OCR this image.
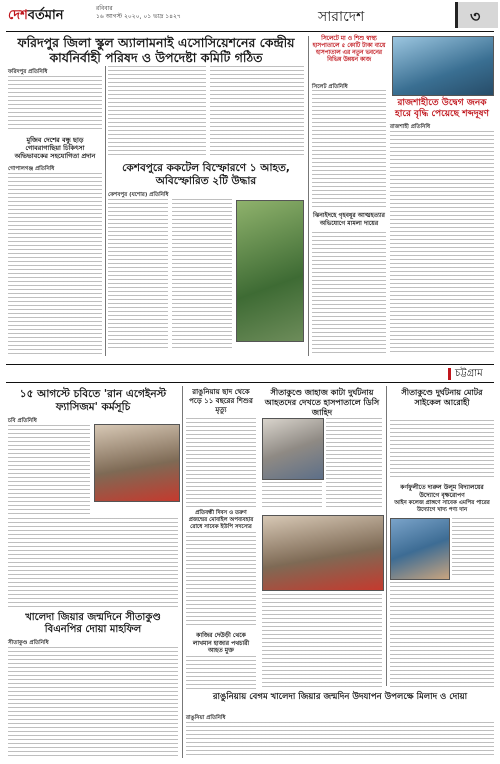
দেশবর্তমান	রবিবার
১৬ আগস্ট ২০২০, ০১ ভাদ্র ১৪২৭	সারাদেশ	৩
ফরিদপুর জিলা স্কুল অ্যালামনাই এসোসিয়েশনের কেন্দ্রীয় কার্যনির্বাহী পরিষদ ও উপদেষ্টা কমিটি গঠিত
ফরিদপুর প্রতিনিধি
মুজিব দেশের বন্ধু ছাড় গোবরাগাছিয়া চিকিৎসা অভিভাবকের সহযোগিতা প্রদান
গোপালগঞ্জ প্রতিনিধি	কেশবপুরে ককটেল বিস্ফোরণে ১ আহত, অবিস্ফোরিত ২টি উদ্ধার
কেশবপুর (যশোর) প্রতিনিধি
সিলেটে মা ও শিশু স্বাস্থ্য হাসপাতালে ৫ কোটি টাকা ব্যয়ে হাসপাতাল এর নতুন ভবনের বিভিন্ন উন্নয়ন কাজ
সিলেট প্রতিনিধি
ঝিনাইদহে গৃহবধূর আত্মহত্যার অভিযোগে মামলা দায়ের
রাজশাহীতে উদ্বেগ জনক হারে বৃদ্ধি পেয়েছে শব্দদূষণ
রাজশাহী প্রতিনিধি
চট্টগ্রাম
১৫ আগস্টে চবিতে 'রান এগেইনস্ট ফ্যাসিজম' কর্মসূচি
চবি প্রতিনিধি
খালেদা জিয়ার জন্মদিনে সীতাকুণ্ড বিএনপির দোয়া মাহফিল
সীতাকুণ্ড প্রতিনিধি
রাঙুনিয়ায় ছাদ থেকে পড়ে ১১ বছরের শিশুর মৃত্যু
প্রতিবন্ধী দিবস ও তরুণ প্রজন্মের মোবাইল অপব্যবহার রোধে সাবেক ইউপি সদস্যের
কাজির দেউড়ী থেকে লাখমান হাজার পথচারী আহত মুক্ত
সীতাকুণ্ডে জাহাজ কাটা দুর্ঘটনায় আহতদের দেখতে হাসপাতালে ডিসি জাহিদ
সীতাকুণ্ডে দুর্ঘটনায় মোটর সাইকেল আরোহী
কর্ণফুলীতে দারুল উলূম বিদ্যালয়ের উদ্যোগে বৃক্ষরোপণ
আইন কলেজ প্রাঙ্গণে সাবেক এমপির পারের উদ্যোগে খাদ্য পণ্য দান
রাঙুনিয়ায় বেগম খালেদা জিয়ার জন্মদিন উদযাপন উপলক্ষে মিলাদ ও দোয়া
রাঙুনিয়া প্রতিনিধি
